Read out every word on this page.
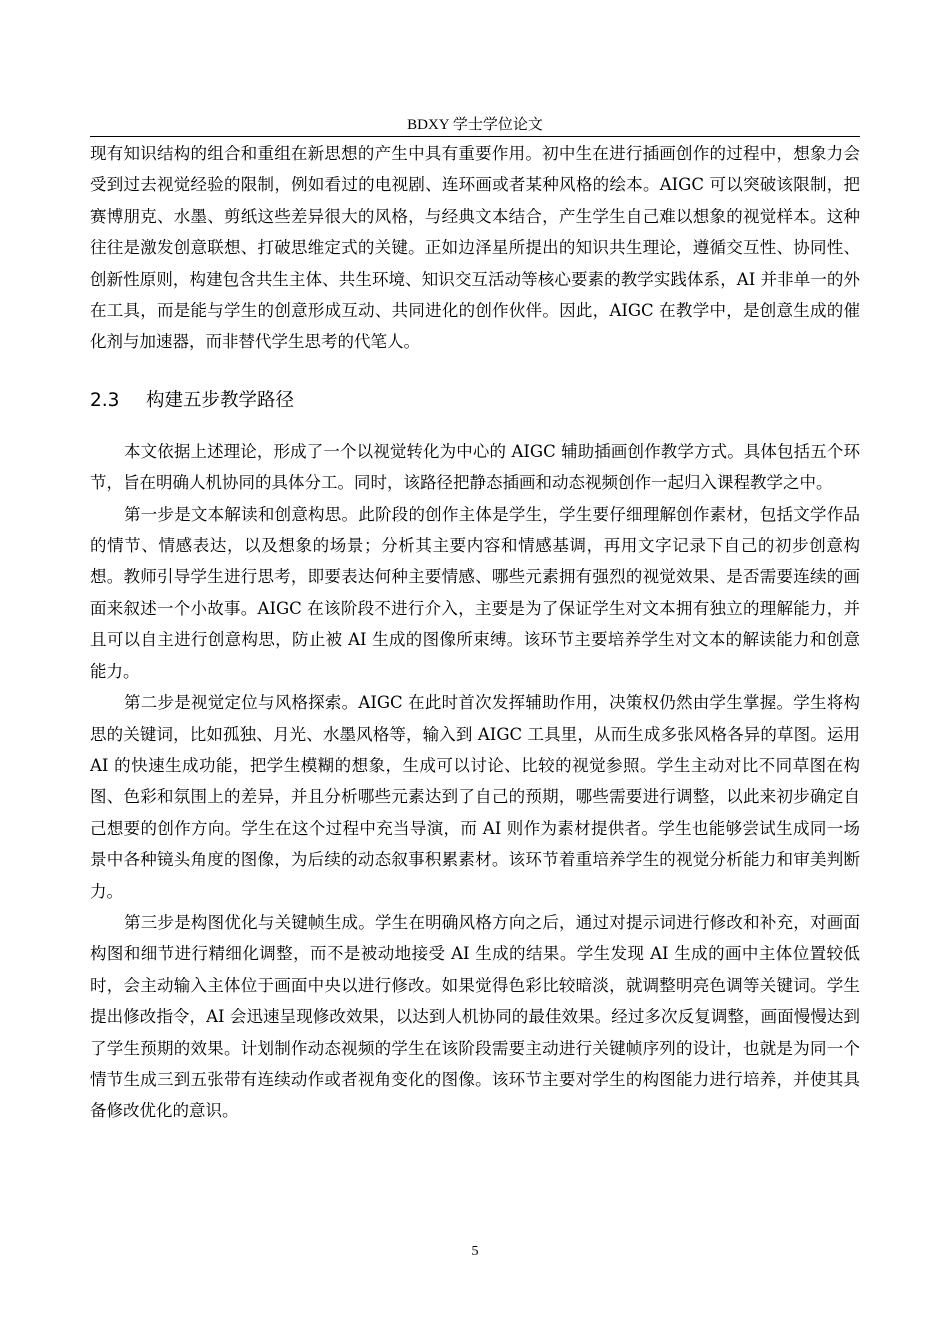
BDXY 学士学位论文

现有知识结构的组合和重组在新思想的产生中具有重要作用。初中生在进行插画创作的过程中，想象力会受到过去视觉经验的限制，例如看过的电视剧、连环画或者某种风格的绘本。AIGC 可以突破该限制，把赛博朋克、水墨、剪纸这些差异很大的风格，与经典文本结合，产生学生自己难以想象的视觉样本。这种往往是激发创意联想、打破思维定式的关键。正如边泽星所提出的知识共生理论，遵循交互性、协同性、创新性原则，构建包含共生主体、共生环境、知识交互活动等核心要素的教学实践体系，AI 并非单一的外在工具，而是能与学生的创意形成互动、共同进化的创作伙伴。因此，AIGC 在教学中，是创意生成的催化剂与加速器，而非替代学生思考的代笔人。

2.3 构建五步教学路径

本文依据上述理论，形成了一个以视觉转化为中心的 AIGC 辅助插画创作教学方式。具体包括五个环节，旨在明确人机协同的具体分工。同时，该路径把静态插画和动态视频创作一起归入课程教学之中。

第一步是文本解读和创意构思。此阶段的创作主体是学生，学生要仔细理解创作素材，包括文学作品的情节、情感表达，以及想象的场景；分析其主要内容和情感基调，再用文字记录下自己的初步创意构想。教师引导学生进行思考，即要表达何种主要情感、哪些元素拥有强烈的视觉效果、是否需要连续的画面来叙述一个小故事。AIGC 在该阶段不进行介入，主要是为了保证学生对文本拥有独立的理解能力，并且可以自主进行创意构思，防止被 AI 生成的图像所束缚。该环节主要培养学生对文本的解读能力和创意能力。

第二步是视觉定位与风格探索。AIGC 在此时首次发挥辅助作用，决策权仍然由学生掌握。学生将构思的关键词，比如孤独、月光、水墨风格等，输入到 AIGC 工具里，从而生成多张风格各异的草图。运用 AI 的快速生成功能，把学生模糊的想象，生成可以讨论、比较的视觉参照。学生主动对比不同草图在构图、色彩和氛围上的差异，并且分析哪些元素达到了自己的预期，哪些需要进行调整，以此来初步确定自己想要的创作方向。学生在这个过程中充当导演，而 AI 则作为素材提供者。学生也能够尝试生成同一场景中各种镜头角度的图像，为后续的动态叙事积累素材。该环节着重培养学生的视觉分析能力和审美判断力。

第三步是构图优化与关键帧生成。学生在明确风格方向之后，通过对提示词进行修改和补充，对画面构图和细节进行精细化调整，而不是被动地接受 AI 生成的结果。学生发现 AI 生成的画中主体位置较低时，会主动输入主体位于画面中央以进行修改。如果觉得色彩比较暗淡，就调整明亮色调等关键词。学生提出修改指令，AI 会迅速呈现修改效果，以达到人机协同的最佳效果。经过多次反复调整，画面慢慢达到了学生预期的效果。计划制作动态视频的学生在该阶段需要主动进行关键帧序列的设计，也就是为同一个情节生成三到五张带有连续动作或者视角变化的图像。该环节主要对学生的构图能力进行培养，并使其具备修改优化的意识。

5
